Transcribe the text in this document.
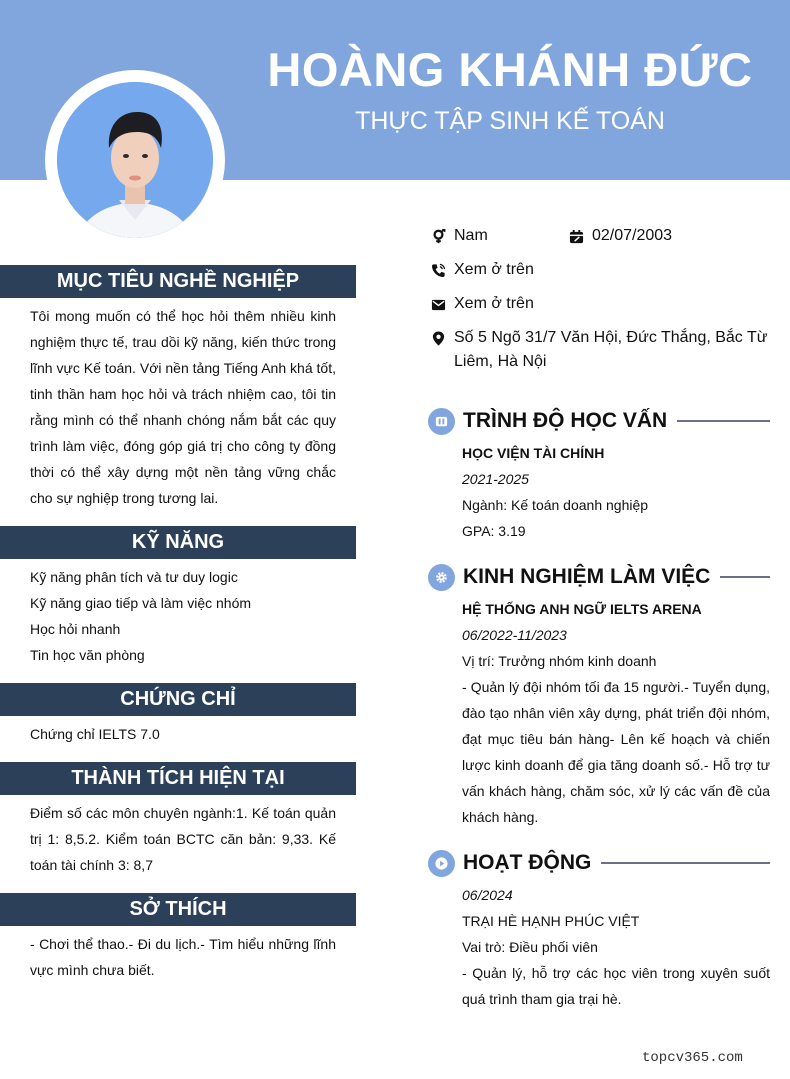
HOÀNG KHÁNH ĐỨC
THỰC TẬP SINH KẾ TOÁN
Nam	02/07/2003
Xem ở trên
Xem ở trên
Số 5 Ngõ 31/7 Văn Hội, Đức Thắng, Bắc Từ Liêm, Hà Nội
MỤC TIÊU NGHỀ NGHIỆP
Tôi mong muốn có thể học hỏi thêm nhiều kinh nghiệm thực tế, trau dồi kỹ năng, kiến thức trong lĩnh vực Kế toán. Với nền tảng Tiếng Anh khá tốt, tinh thần ham học hỏi và trách nhiệm cao, tôi tin rằng mình có thể nhanh chóng nắm bắt các quy trình làm việc, đóng góp giá trị cho công ty đồng thời có thể xây dựng một nền tảng vững chắc cho sự nghiệp trong tương lai.
KỸ NĂNG
Kỹ năng phân tích và tư duy logic
Kỹ năng giao tiếp và làm việc nhóm
Học hỏi nhanh
Tin học văn phòng
CHỨNG CHỈ
Chứng chỉ IELTS 7.0
THÀNH TÍCH HIỆN TẠI
Điểm số các môn chuyên ngành:1. Kế toán quản trị 1: 8,5.2. Kiểm toán BCTC căn bản: 9,33. Kế toán tài chính 3: 8,7
SỞ THÍCH
- Chơi thể thao.- Đi du lịch.- Tìm hiểu những lĩnh vực mình chưa biết.
TRÌNH ĐỘ HỌC VẤN
HỌC VIỆN TÀI CHÍNH
2021-2025
Ngành: Kế toán doanh nghiệp
GPA: 3.19
KINH NGHIỆM LÀM VIỆC
HỆ THỐNG ANH NGỮ IELTS ARENA
06/2022-11/2023
Vị trí: Trưởng nhóm kinh doanh
- Quản lý đội nhóm tối đa 15 người.- Tuyển dụng, đào tạo nhân viên xây dựng, phát triển đội nhóm, đạt mục tiêu bán hàng- Lên kế hoạch và chiến lược kinh doanh để gia tăng doanh số.- Hỗ trợ tư vấn khách hàng, chăm sóc, xử lý các vấn đề của khách hàng.
HOẠT ĐỘNG
06/2024
TRẠI HÈ HẠNH PHÚC VIỆT
Vai trò: Điều phối viên
- Quản lý, hỗ trợ các học viên trong xuyên suốt quá trình tham gia trại hè.
topcv365.com
